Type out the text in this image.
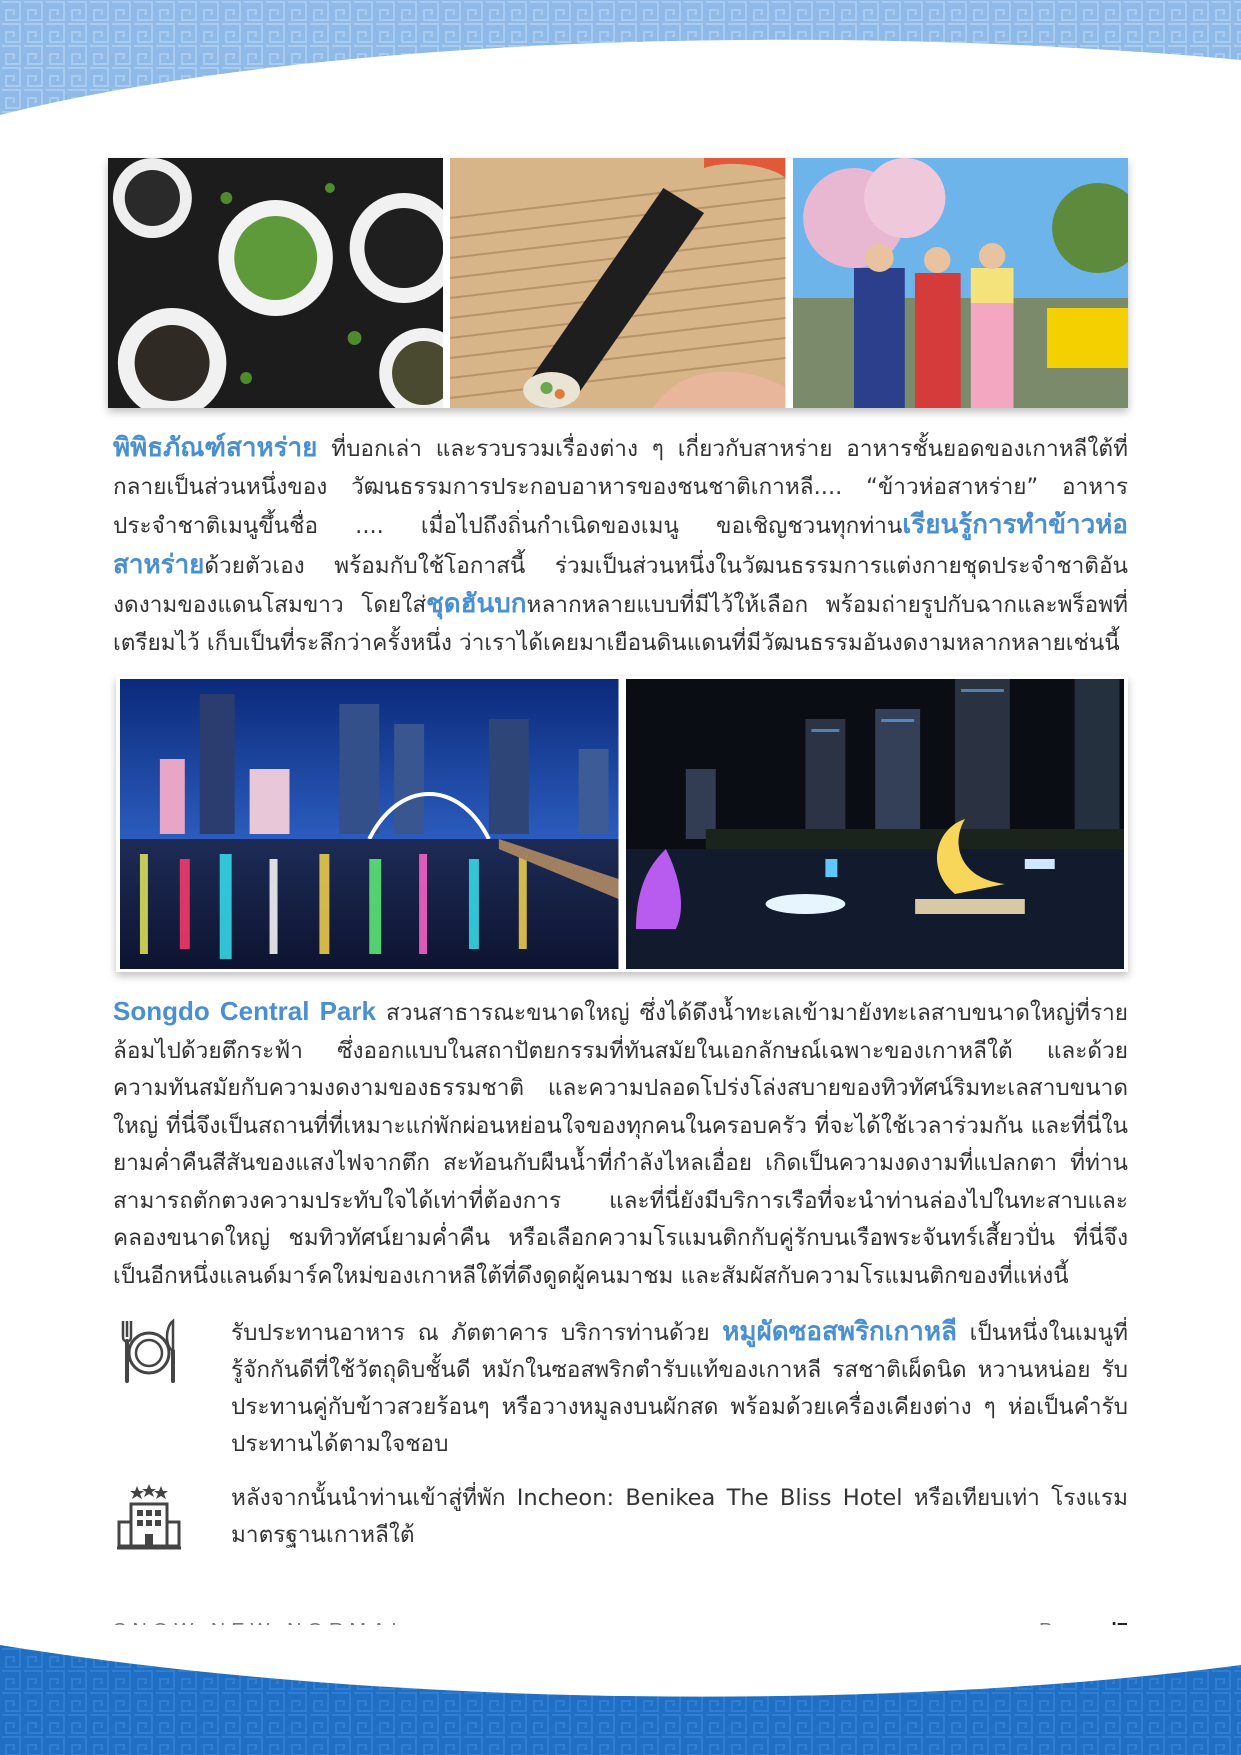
พิพิธภัณฑ์สาหร่าย ที่บอกเล่า และรวบรวมเรื่องต่าง ๆ เกี่ยวกับสาหร่าย อาหารชั้นยอดของเกาหลีใต้ที่กลายเป็นส่วนหนึ่งของ วัฒนธรรมการประกอบอาหารของชนชาติเกาหลี.... “ข้าวห่อสาหร่าย” อาหารประจำชาติเมนูขึ้นชื่อ .... เมื่อไปถึงถิ่นกำเนิดของเมนู ขอเชิญชวนทุกท่านเรียนรู้การทำข้าวห่อสาหร่ายด้วยตัวเอง พร้อมกับใช้โอกาสนี้ ร่วมเป็นส่วนหนึ่งในวัฒนธรรมการแต่งกายชุดประจำชาติอันงดงามของแดนโสมขาว โดยใส่ชุดฮันบกหลากหลายแบบที่มีไว้ให้เลือก พร้อมถ่ายรูปกับฉากและพร็อพที่เตรียมไว้ เก็บเป็นที่ระลึกว่าครั้งหนึ่ง ว่าเราได้เคยมาเยือนดินแดนที่มีวัฒนธรรมอันงดงามหลากหลายเช่นนี้
Songdo Central Park สวนสาธารณะขนาดใหญ่ ซึ่งได้ดึงน้ำทะเลเข้ามายังทะเลสาบขนาดใหญ่ที่รายล้อมไปด้วยตึกระฟ้า ซึ่งออกแบบในสถาปัตยกรรมที่ทันสมัยในเอกลักษณ์เฉพาะของเกาหลีใต้ และด้วยความทันสมัยกับความงดงามของธรรมชาติ และความปลอดโปร่งโล่งสบายของทิวทัศน์ริมทะเลสาบขนาดใหญ่ ที่นี่จึงเป็นสถานที่ที่เหมาะแก่พักผ่อนหย่อนใจของทุกคนในครอบครัว ที่จะได้ใช้เวลาร่วมกัน และที่นี่ในยามค่ำคืนสีสันของแสงไฟจากตึก สะท้อนกับผืนน้ำที่กำลังไหลเอื่อย เกิดเป็นความงดงามที่แปลกตา ที่ท่านสามารถตักตวงความประทับใจได้เท่าที่ต้องการ และที่นี่ยังมีบริการเรือที่จะนำท่านล่องไปในทะสาบและคลองขนาดใหญ่ ชมทิวทัศน์ยามค่ำคืน หรือเลือกความโรแมนติกกับคู่รักบนเรือพระจันทร์เสี้ยวปั่น ที่นี่จึงเป็นอีกหนึ่งแลนด์มาร์คใหม่ของเกาหลีใต้ที่ดึงดูดผู้คนมาชม และสัมผัสกับความโรแมนติกของที่แห่งนี้
รับประทานอาหาร ณ ภัตตาคาร บริการท่านด้วย หมูผัดซอสพริกเกาหลี เป็นหนึ่งในเมนูที่รู้จักกันดีที่ใช้วัตถุดิบชั้นดี หมักในซอสพริกตำรับแท้ของเกาหลี รสชาติเผ็ดนิด หวานหน่อย รับประทานคู่กับข้าวสวยร้อนๆ หรือวางหมูลงบนผักสด พร้อมด้วยเครื่องเคียงต่าง ๆ ห่อเป็นคำรับประทานได้ตามใจชอบ
หลังจากนั้นนำท่านเข้าสู่ที่พัก Incheon: Benikea The Bliss Hotel หรือเทียบเท่า โรงแรมมาตรฐานเกาหลีใต้
